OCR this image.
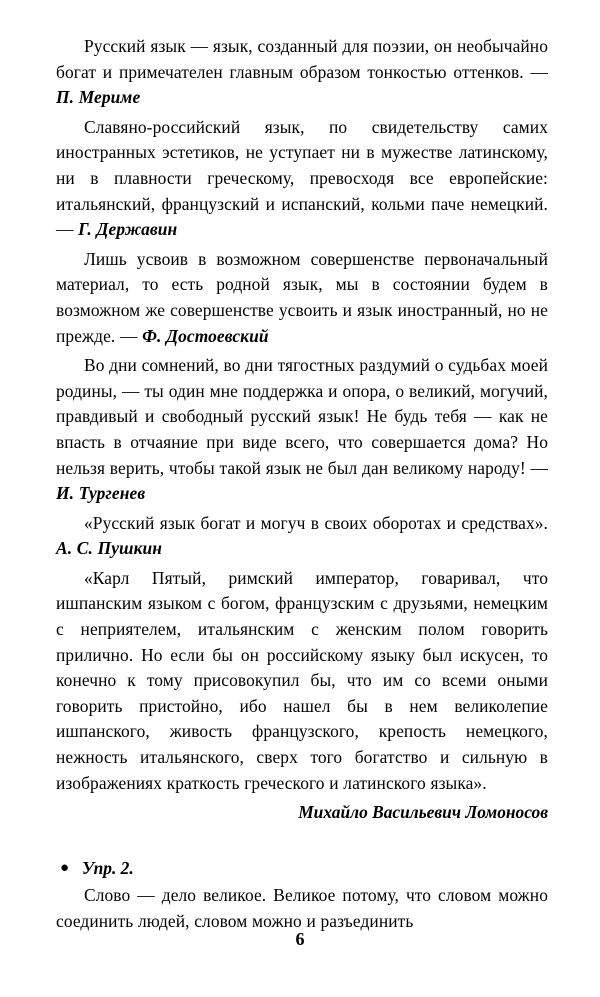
Русский язык — язык, созданный для поэзии, он необычайно богат и примечателен главным образом тонкостью оттенков. — П. Мериме

Славяно-российский язык, по свидетельству самих иностранных эстетиков, не уступает ни в мужестве латинскому, ни в плавности греческому, превосходя все европейские: итальянский, французский и испанский, кольми паче немецкий. — Г. Державин

Лишь усвоив в возможном совершенстве первоначальный материал, то есть родной язык, мы в состоянии будем в возможном же совершенстве усвоить и язык иностранный, но не прежде. — Ф. Достоевский

Во дни сомнений, во дни тягостных раздумий о судьбах моей родины, — ты один мне поддержка и опора, о великий, могучий, правдивый и свободный русский язык! Не будь тебя — как не впасть в отчаяние при виде всего, что совершается дома? Но нельзя верить, чтобы такой язык не был дан великому народу! — И. Тургенев

«Русский язык богат и могуч в своих оборотах и средствах». А. С. Пушкин

«Карл Пятый, римский император, говаривал, что ишпанским языком с богом, французским с друзьями, немецким с неприятелем, итальянским с женским полом говорить прилично. Но если бы он российскому языку был искусен, то конечно к тому присовокупил бы, что им со всеми оными говорить пристойно, ибо нашел бы в нем великолепие ишпанского, живость французского, крепость немецкого, нежность итальянского, сверх того богатство и сильную в изображениях краткость греческого и латинского языка».

Михайло Васильевич Ломоносов

● Упр. 2.

Слово — дело великое. Великое потому, что словом можно соединить людей, словом можно и разъединить

6
